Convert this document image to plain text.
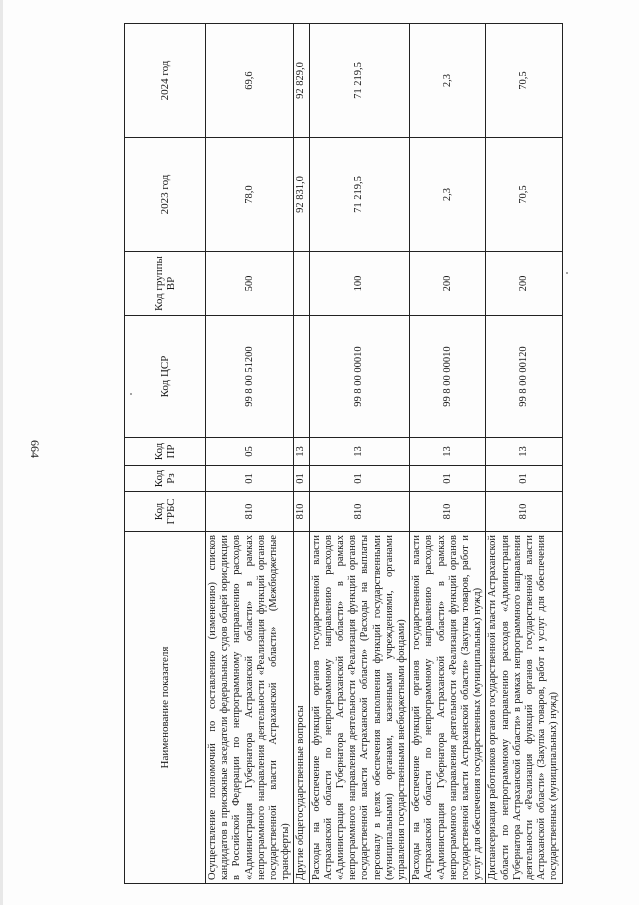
664
Наименование показателя	Код ГРБС	Код Рз	Код ПР	Код ЦСР	Код группы ВР	2023 год	2024 год
Осуществление полномочий по составлению (изменению) списков кандидатов в присяжные заседатели федеральных судов общей юрисдикции в Российской Федерации по непрограммному направлению расходов «Администрация Губернатора Астраханской области» в рамках непрограммного направления деятельности «Реализация функций органов государственной власти Астраханской области» (Межбюджетные трансферты)	810	01	05	99 8 00 51200	500	78,0	69,6
Другие общегосударственные вопросы	810	01	13			92 831,0	92 829,0
Расходы на обеспечение функций органов государственной власти Астраханской области по непрограммному направлению расходов «Администрация Губернатора Астраханской области» в рамках непрограммного направления деятельности «Реализация функций органов государственной власти Астраханской области» (Расходы на выплаты персоналу в целях обеспечения выполнения функций государственными (муниципальными) органами, казенными учреждениями, органами управления государственными внебюджетными фондами)	810	01	13	99 8 00 00010	100	71 219,5	71 219,5
Расходы на обеспечение функций органов государственной власти Астраханской области по непрограммному направлению расходов «Администрация Губернатора Астраханской области» в рамках непрограммного направления деятельности «Реализация функций органов государственной власти Астраханской области» (Закупка товаров, работ и услуг для обеспечения государственных (муниципальных) нужд)	810	01	13	99 8 00 00010	200	2,3	2,3
Диспансеризация работников органов государственной власти Астраханской области по непрограммному направлению расходов «Администрация Губернатора Астраханской области» в рамках непрограммного направления деятельности «Реализация функций органов государственной власти Астраханской области» (Закупка товаров, работ и услуг для обеспечения государственных (муниципальных) нужд)	810	01	13	99 8 00 00120	200	70,5	70,5
